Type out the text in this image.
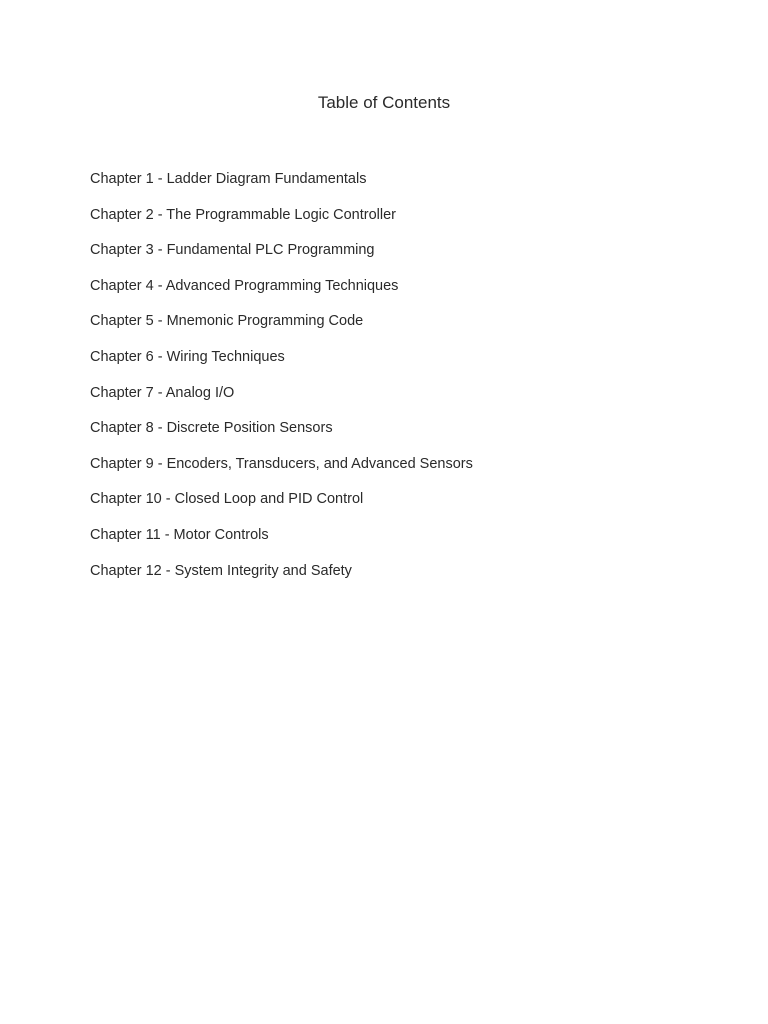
Table of Contents
Chapter 1 - Ladder Diagram Fundamentals
Chapter 2 - The Programmable Logic Controller
Chapter 3 - Fundamental PLC Programming
Chapter 4 - Advanced Programming Techniques
Chapter 5 - Mnemonic Programming Code
Chapter 6 - Wiring Techniques
Chapter 7 - Analog I/O
Chapter 8 - Discrete Position Sensors
Chapter 9 - Encoders, Transducers, and Advanced Sensors
Chapter 10 - Closed Loop and PID Control
Chapter 11 - Motor Controls
Chapter 12 - System Integrity and Safety
